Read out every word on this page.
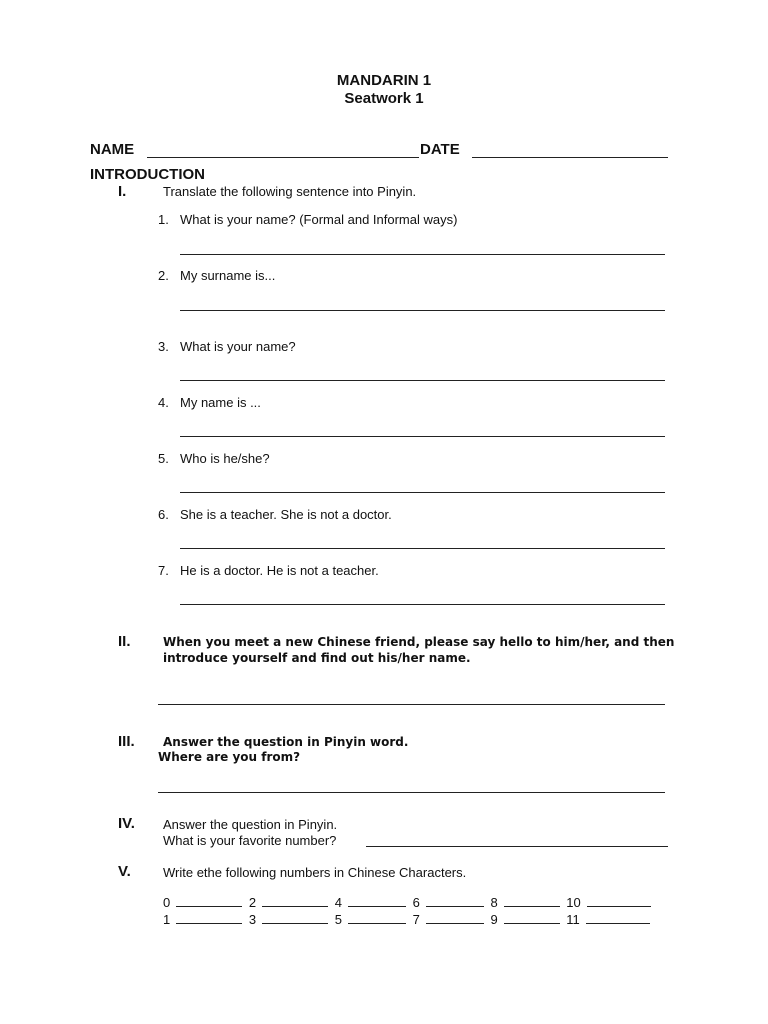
MANDARIN 1
Seatwork 1
NAME	DATE
INTRODUCTION
I.	Translate the following sentence into Pinyin.
1. What is your name? (Formal and Informal ways)
2. My surname is...
3. What is your name?
4. My name is ...
5. Who is he/she?
6. She is a teacher. She is not a doctor.
7. He is a doctor. He is not a teacher.
II.	When you meet a new Chinese friend, please say hello to him/her, and then
introduce yourself and find out his/her name.
III. Answer the question in Pinyin word.
Where are you from?
IV. Answer the question in Pinyin.
What is your favorite number?
V. Write ethe following numbers in Chinese Characters.
0	2	4	6	8	10
1	3	5	7	9	11
